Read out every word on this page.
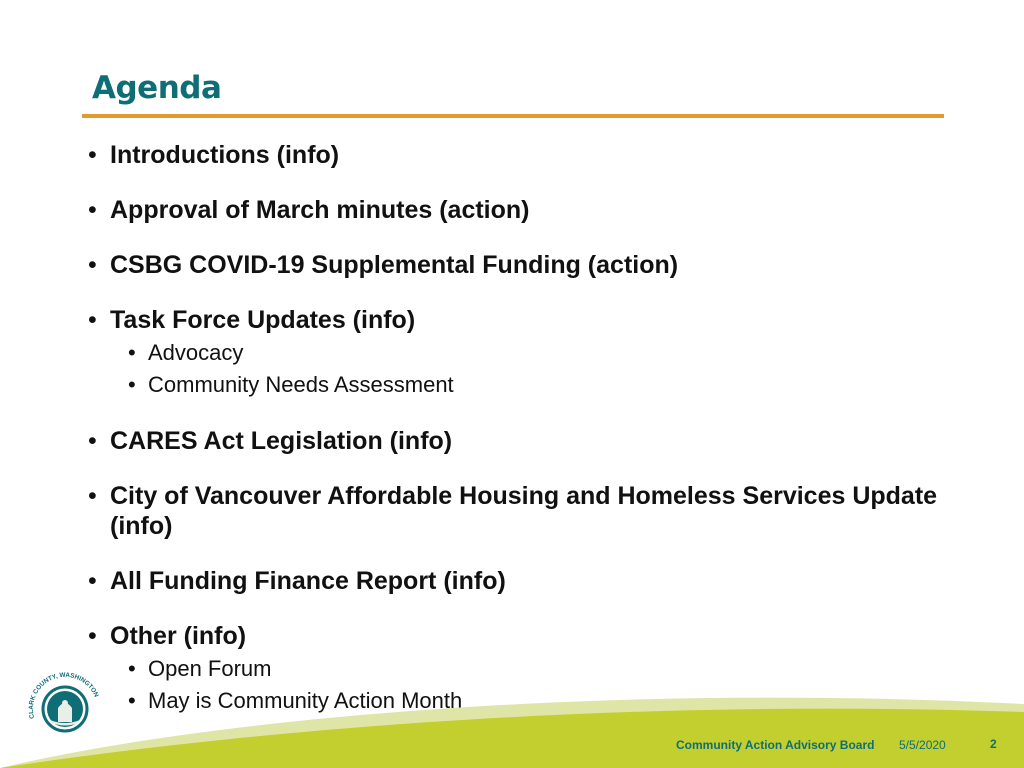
Agenda
• Introductions (info)
• Approval of March minutes (action)
• CSBG COVID-19 Supplemental Funding (action)
• Task Force Updates (info)
• Advocacy
• Community Needs Assessment
• CARES Act Legislation (info)
• City of Vancouver Affordable Housing and Homeless Services Update (info)
• All Funding Finance Report (info)
• Other (info)
• Open Forum
• May is Community Action Month
Community Action Advisory Board 5/5/2020	2
CLARK COUNTY, WASHINGTON
